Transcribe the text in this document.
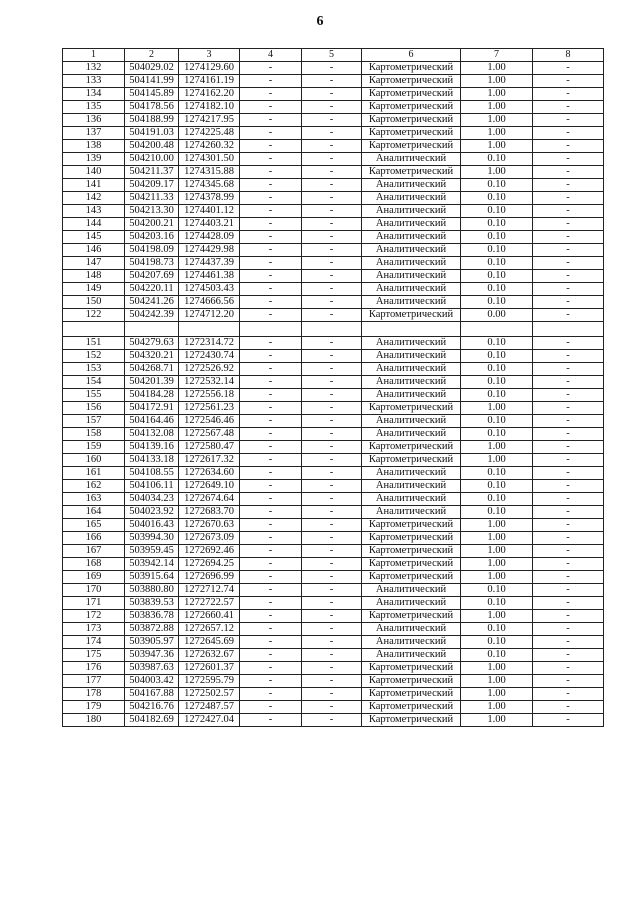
6
1	2	3	4	5	6	7	8
132	504029.02	1274129.60	-	-	Картометрический	1.00	-
133	504141.99	1274161.19	-	-	Картометрический	1.00	-
134	504145.89	1274162.20	-	-	Картометрический	1.00	-
135	504178.56	1274182.10	-	-	Картометрический	1.00	-
136	504188.99	1274217.95	-	-	Картометрический	1.00	-
137	504191.03	1274225.48	-	-	Картометрический	1.00	-
138	504200.48	1274260.32	-	-	Картометрический	1.00	-
139	504210.00	1274301.50	-	-	Аналитический	0.10	-
140	504211.37	1274315.88	-	-	Картометрический	1.00	-
141	504209.17	1274345.68	-	-	Аналитический	0.10	-
142	504211.33	1274378.99	-	-	Аналитический	0.10	-
143	504213.30	1274401.12	-	-	Аналитический	0.10	-
144	504200.21	1274403.21	-	-	Аналитический	0.10	-
145	504203.16	1274428.09	-	-	Аналитический	0.10	-
146	504198.09	1274429.98	-	-	Аналитический	0.10	-
147	504198.73	1274437.39	-	-	Аналитический	0.10	-
148	504207.69	1274461.38	-	-	Аналитический	0.10	-
149	504220.11	1274503.43	-	-	Аналитический	0.10	-
150	504241.26	1274666.56	-	-	Аналитический	0.10	-
122	504242.39	1274712.20	-	-	Картометрический	0.00	-

151	504279.63	1272314.72	-	-	Аналитический	0.10	-
152	504320.21	1272430.74	-	-	Аналитический	0.10	-
153	504268.71	1272526.92	-	-	Аналитический	0.10	-
154	504201.39	1272532.14	-	-	Аналитический	0.10	-
155	504184.28	1272556.18	-	-	Аналитический	0.10	-
156	504172.91	1272561.23	-	-	Картометрический	1.00	-
157	504164.46	1272546.46	-	-	Аналитический	0.10	-
158	504132.08	1272567.48	-	-	Аналитический	0.10	-
159	504139.16	1272580.47	-	-	Картометрический	1.00	-
160	504133.18	1272617.32	-	-	Картометрический	1.00	-
161	504108.55	1272634.60	-	-	Аналитический	0.10	-
162	504106.11	1272649.10	-	-	Аналитический	0.10	-
163	504034.23	1272674.64	-	-	Аналитический	0.10	-
164	504023.92	1272683.70	-	-	Аналитический	0.10	-
165	504016.43	1272670.63	-	-	Картометрический	1.00	-
166	503994.30	1272673.09	-	-	Картометрический	1.00	-
167	503959.45	1272692.46	-	-	Картометрический	1.00	-
168	503942.14	1272694.25	-	-	Картометрический	1.00	-
169	503915.64	1272696.99	-	-	Картометрический	1.00	-
170	503880.80	1272712.74	-	-	Аналитический	0.10	-
171	503839.53	1272722.57	-	-	Аналитический	0.10	-
172	503836.78	1272660.41	-	-	Картометрический	1.00	-
173	503872.88	1272657.12	-	-	Аналитический	0.10	-
174	503905.97	1272645.69	-	-	Аналитический	0.10	-
175	503947.36	1272632.67	-	-	Аналитический	0.10	-
176	503987.63	1272601.37	-	-	Картометрический	1.00	-
177	504003.42	1272595.79	-	-	Картометрический	1.00	-
178	504167.88	1272502.57	-	-	Картометрический	1.00	-
179	504216.76	1272487.57	-	-	Картометрический	1.00	-
180	504182.69	1272427.04	-	-	Картометрический	1.00	-
